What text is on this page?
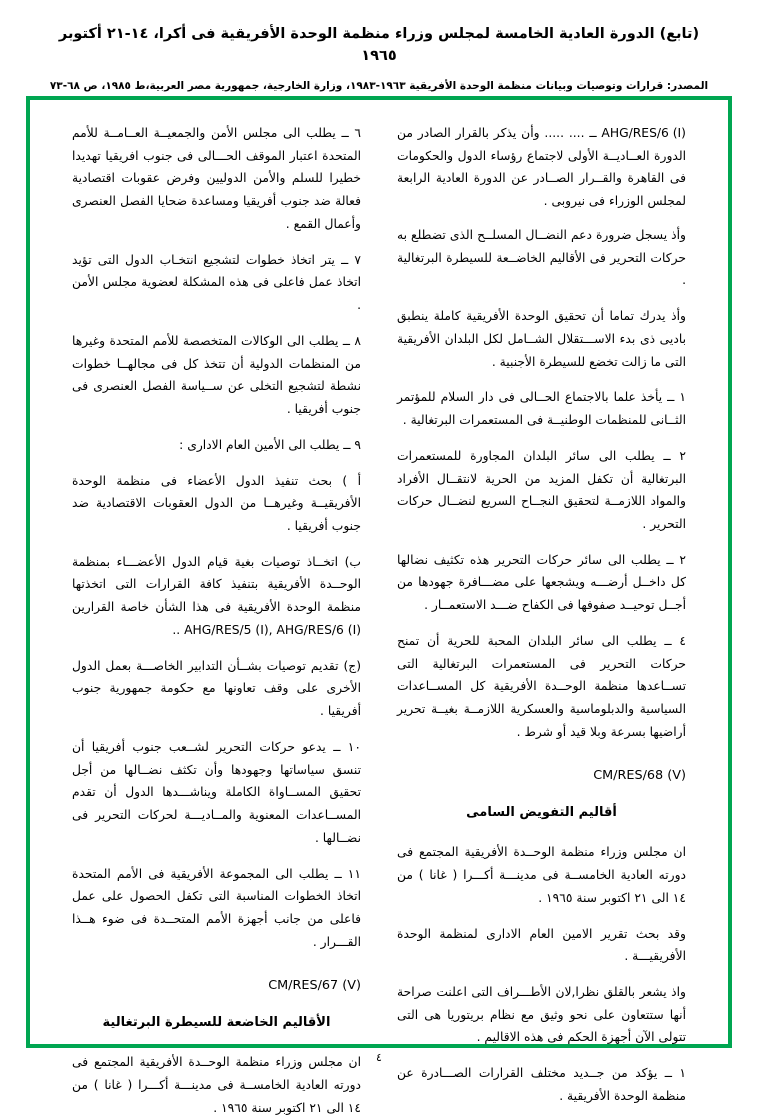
(تابع) الدورة العادية الخامسة لمجلس وزراء منظمة الوحدة الأفريقية فى أكرا، ١٤-٢١ أكتوبر ١٩٦٥
المصدر: قرارات وتوصيات وبيانات منظمة الوحدة الأفريقية ١٩٦٣-١٩٨٣، وزارة الخارجية، جمهورية مصر العربية،ط ١٩٨٥، ص ٦٨-٧٣

AHG/RES/6 (I) ــ .... ..... وأن يذكر بالقرار الصادر من الدورة العــاديــة الأولى لاجتماع رؤساء الدول والحكومات فى القاهرة والقــرار الصــادر عن الدورة العادية الرابعة لمجلس الوزراء فى نيروبى .

وأذ يسجل ضرورة دعم النضــال المسلــح الذى تضطلع به حركات التحرير فى الأقاليم الخاضــعة للسيطرة البرتغالية .

وأذ يدرك تماما أن تحقيق الوحدة الأفريقية كاملة ينطبق باديى ذى بدء الاســـتقلال الشــامل لكل البلدان الأفريقية التى ما زالت تخضع للسيطرة الأجنبية .

١ ــ يأخذ علما بالاجتماع الحــالى فى دار السلام للمؤتمر الثــانى للمنظمات الوطنيــة فى المستعمرات البرتغالية .

٢ ــ يطلب الى سائر البلدان المجاورة للمستعمرات البرتغالية أن تكفل المزيد من الحرية لانتقــال الأفراد والمواد اللازمــة لتحقيق النجــاح السريع لنضــال حركات التحرير .

٢ ــ يطلب الى سائر حركات التحرير هذه تكثيف نضالها كل داخــل أرضـــه ويشجعها على مضـــافرة جهودها من أجــل توحيــد صفوفها فى الكفاح ضـــد الاستعمــار .

٤ ــ يطلب الى سائر البلدان المحبة للحرية أن تمنح حركات التحرير فى المستعمرات البرتغالية التى تســاعدها منظمة الوحــدة الأفريقية كل المســاعدات السياسية والدبلوماسية والعسكرية اللازمــة بغيــة تحرير أراضيها بسرعة وبلا قيد أو شرط .

CM/RES/68 (V)
أقاليم التفويض السامى

ان مجلس وزراء منظمة الوحــدة الأفريقية المجتمع فى دورته العادية الخامســة فى مدينـــة أكـــرا ( غانا ) من ١٤ الى ٢١ اكتوبر سنة ١٩٦٥ .

وقد بحث تقرير الامين العام الادارى لمنظمة الوحدة الأفريقيـــة .

واذ يشعر بالقلق نظرا,لان الأطـــراف التى اعلنت صراحة أنها ستتعاون على نحو وثيق مع نظام بريتوريا هى التى تتولى الآن أجهزة الحكم فى هذه الاقاليم .

١ ــ يؤكد من جــديد مختلف القرارات الصـــادرة عن منظمة الوحدة الأفريقية .

٦ ــ يطلب الى مجلس الأمن والجمعيــة العــامــة للأمم المتحدة اعتبار الموقف الحـــالى فى جنوب افريقيا تهديدا خطيرا للسلم والأمن الدوليين وفرض عقوبات اقتصادية فعالة ضد جنوب أفريقيا ومساعدة ضحايا الفصل العنصرى وأعمال القمع .

٧ ــ يتر اتخاذ خطوات لتشجيع انتخـاب الدول التى تؤيد اتخاذ عمل فاعلى فى هذه المشكلة لعضوية مجلس الأمن .

٨ ــ يطلب الى الوكالات المتخصصة للأمم المتحدة وغيرها من المنظمات الدولية أن تتخذ كل فى مجالهــا خطوات نشطة لتشجيع التخلى عن ســياسة الفصل العنصرى فى جنوب أفريقيا .

٩ ــ يطلب الى الأمين العام الادارى :

أ ) بحث تنفيذ الدول الأعضاء فى منظمة الوحدة الأفريقيــة وغيرهــا من الدول العقوبات الاقتصادية ضد جنوب أفريقيا .

ب) اتخــاذ توصيات بغية قيام الدول الأعضـــاء بمنظمة الوحــدة الأفريقية بتنفيذ كافة القرارات التى اتخذتها منظمة الوحدة الأفريقية فى هذا الشأن خاصة القرارين AHG/RES/5 (I), AHG/RES/6 (I) ..

(ج) تقديم توصيات بشــأن التدابير الخاصـــة بعمل الدول الأخرى على وقف تعاونها مع حكومة جمهورية جنوب أفريقيا .

١٠ ــ يدعو حركات التحرير لشــعب جنوب أفريقيا أن تنسق سياساتها وجهودها وأن تكثف نضــالها من أجل تحقيق المســاواة الكاملة ويناشـــدها الدول أن تقدم المســاعدات المعنوية والمــاديـــة لحركات التحرير فى نضــالها .

١١ ــ يطلب الى المجموعة الأفريقية فى الأمم المتحدة اتخاذ الخطوات المناسبة التى تكفل الحصول على عمل فاعلى من جانب أجهزة الأمم المتحــدة فى ضوء هــذا القـــرار .

CM/RES/67 (V)
الأقاليم الخاضعة للسيطرة البرتغالية

ان مجلس وزراء منظمة الوحــدة الأفريقية المجتمع فى دورته العادية الخامســة فى مدينـــة أكـــرا ( غانا ) من ١٤ الى ٢١ اكتوبر سنة ١٩٦٥ .

٤
